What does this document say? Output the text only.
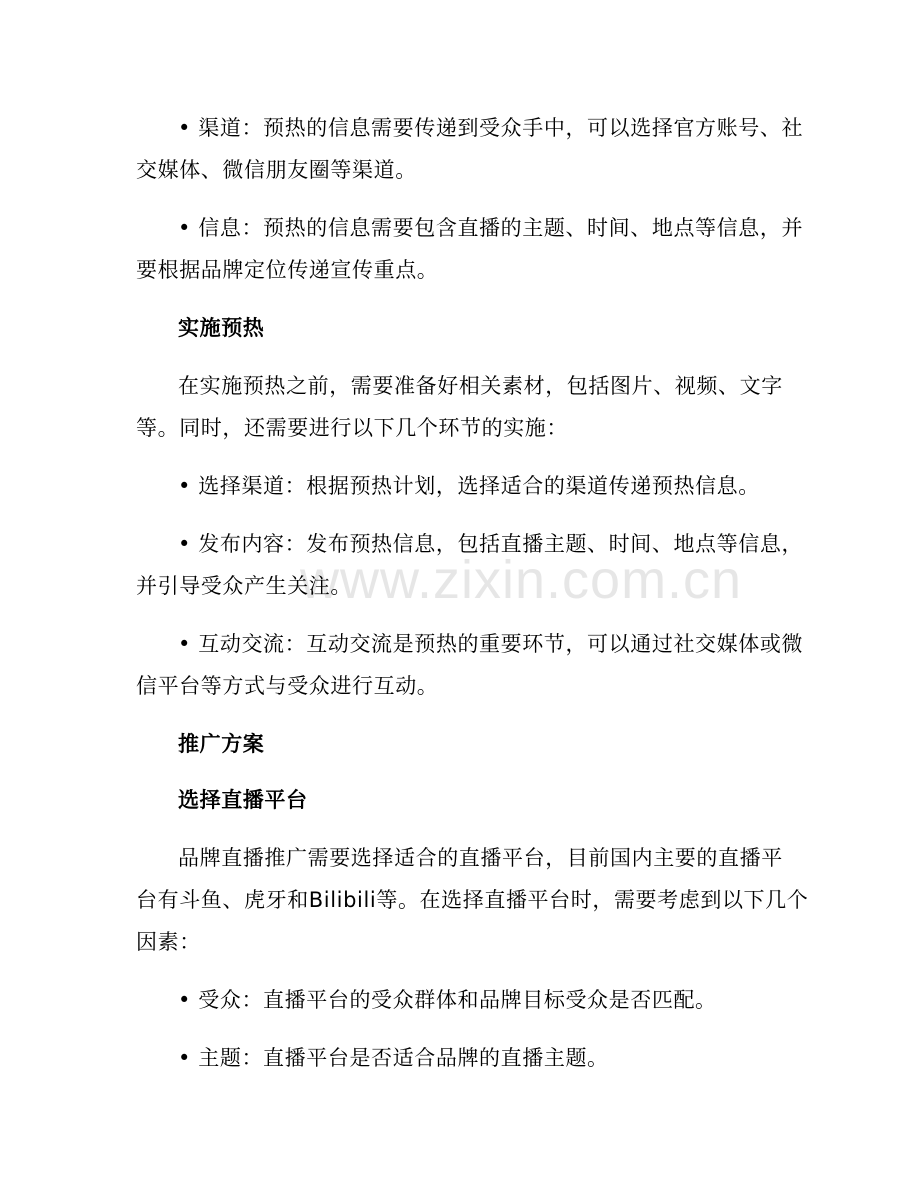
www.zixin.com.cn
• 渠道：预热的信息需要传递到受众手中，可以选择官方账号、社
交媒体、微信朋友圈等渠道。
• 信息：预热的信息需要包含直播的主题、时间、地点等信息，并
要根据品牌定位传递宣传重点。
实施预热
在实施预热之前，需要准备好相关素材，包括图片、视频、文字
等。同时，还需要进行以下几个环节的实施：
• 选择渠道：根据预热计划，选择适合的渠道传递预热信息。
• 发布内容：发布预热信息，包括直播主题、时间、地点等信息，
并引导受众产生关注。
• 互动交流：互动交流是预热的重要环节，可以通过社交媒体或微
信平台等方式与受众进行互动。
推广方案
选择直播平台
品牌直播推广需要选择适合的直播平台，目前国内主要的直播平
台有斗鱼、虎牙和Bilibili等。在选择直播平台时，需要考虑到以下几个
因素：
• 受众：直播平台的受众群体和品牌目标受众是否匹配。
• 主题：直播平台是否适合品牌的直播主题。
